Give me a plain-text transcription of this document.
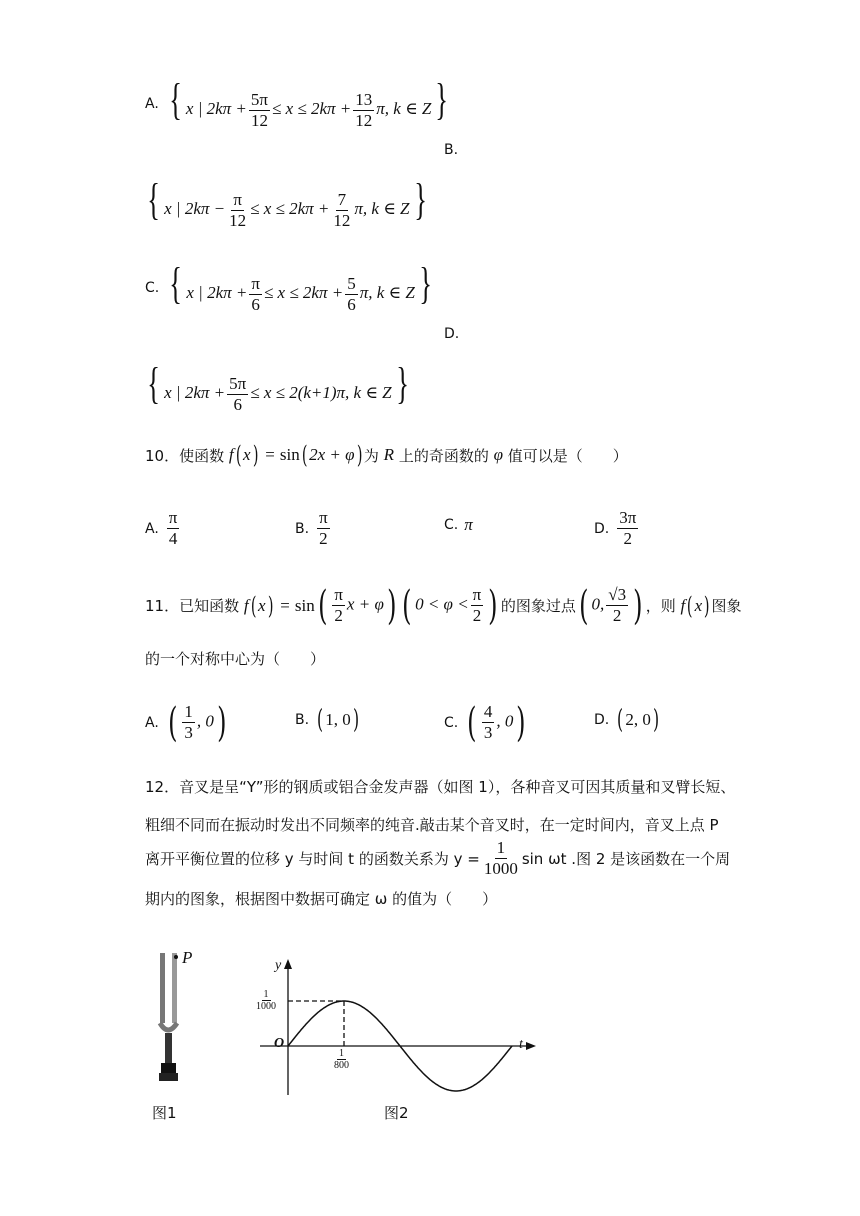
A. { x | $2k\pi + \frac{5\pi}{12} \le x \le 2k\pi + \frac{13}{12} \pi$, k ∈ Z}
B.
{ x | $2k\pi - \frac{\pi}{12} \le x \le 2k\pi + \frac{7}{12} \pi$, k ∈ Z}
C. { x | $2k\pi + \frac{\pi}{6} \le x \le 2k\pi + \frac{5}{6} \pi$, k ∈ Z}
D.
{ x | $2k\pi + \frac{5\pi}{6} \le x \le 2(k+1)\pi$, k ∈ Z}
10．使函数 f ( x ) = sin ( 2x + φ ) 为 R 上的奇函数的 φ 值可以是（　　）
A. $\frac{\pi}{4}$	B. $\frac{\pi}{2}$	C. π	D. $\frac{3\pi}{2}$
11．已知函数 f ( x ) = sin ( $\frac{\pi}{2}$ x + φ ) ( $0 < \varphi < \frac{\pi}{2}$ ) 的图象过点 ( 0, $\frac{√3}{2}$ ) ，则 f ( x ) 图象
的一个对称中心为（　　）
A. ( $\frac{1}{3}$ , 0 )	B. ( 1, 0 )	C. ( $\frac{4}{3}$ , 0 )	D. ( 2, 0 )
12．音叉是呈“Y”形的钢质或铝合金发声器（如图 1），各种音叉可因其质量和叉臂长短、
粗细不同而在振动时发出不同频率的纯音.敲击某个音叉时，在一定时间内，音叉上点 P
离开平衡位置的位移 y 与时间 t 的函数关系为 $y = \frac{1}{1000}$ sin ωt .图 2 是该函数在一个周
期内的图象，根据图中数据可确定 ω 的值为（　　）
P	y
t
O
$\frac{1}{1000}$
$\frac{1}{800}$
图1	图2
